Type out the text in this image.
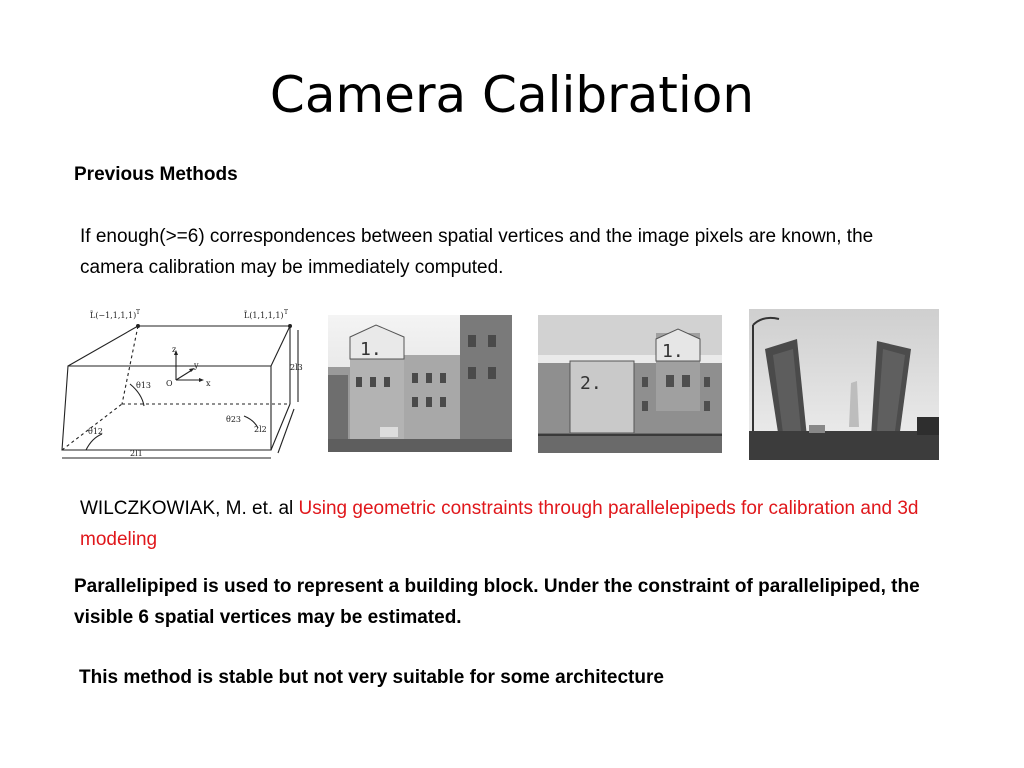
Camera Calibration
Previous Methods
If enough(>=6) correspondences between spatial vertices and the image pixels are known, the camera calibration may be immediately computed.
L̃(−1,1,1,1) T	L̃(1,1,1,1) T
z
y
x
O
θ13
θ12
θ23
2l1
2l2
2l3
1.
2.
1.
WILCZKOWIAK, M. et. al Using geometric constraints through parallelepipeds for calibration and 3d modeling
Parallelipiped is used to represent a building block. Under the constraint of parallelipiped, the visible 6 spatial vertices may be estimated.
This method is stable but not very suitable for some architecture
